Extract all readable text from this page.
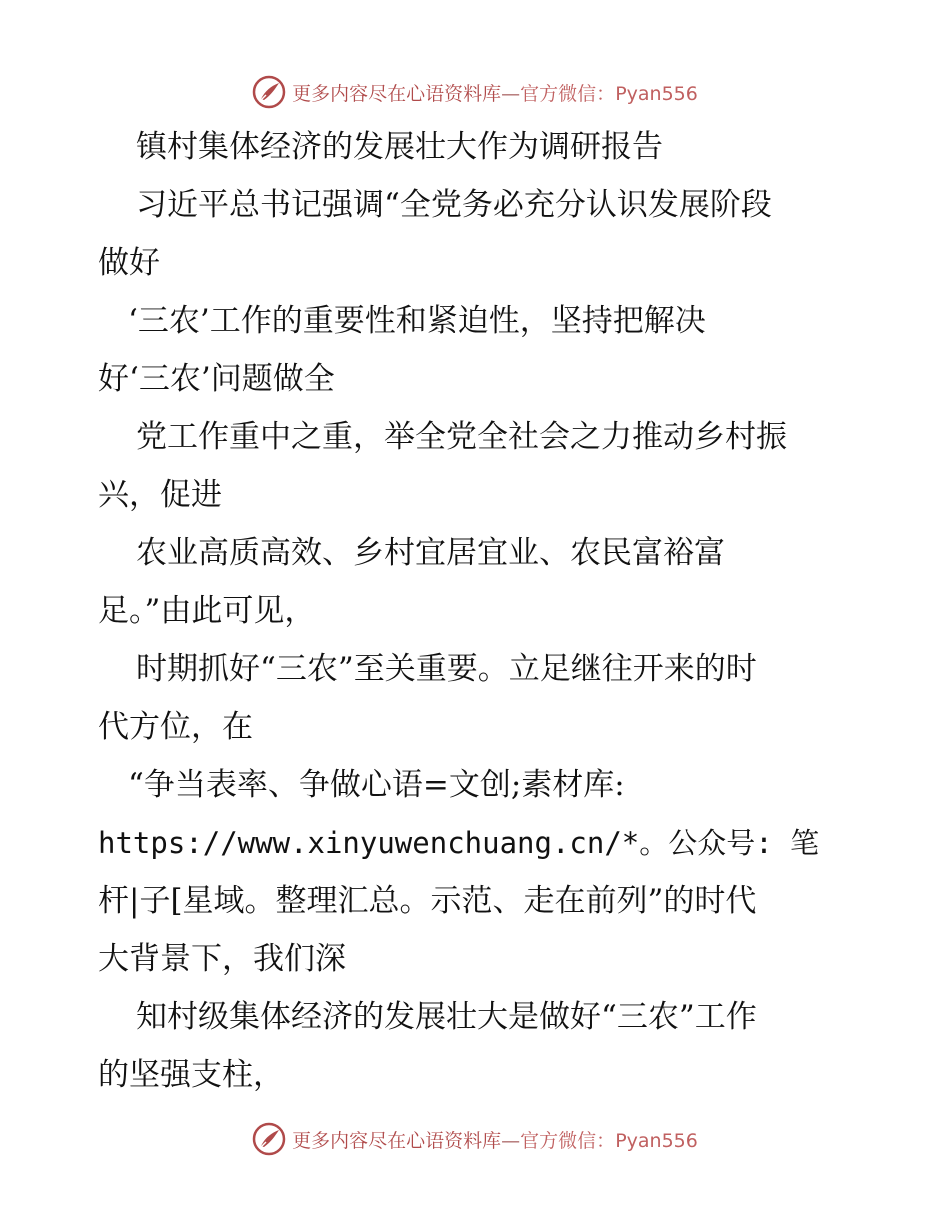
更多内容尽在心语资料库—官方微信：Pyan556
镇村集体经济的发展壮大作为调研报告
习近平总书记强调“全党务必充分认识发展阶段
做好
‘三农’工作的重要性和紧迫性，坚持把解决
好‘三农’问题做全
党工作重中之重，举全党全社会之力推动乡村振
兴，促进
农业高质高效、乡村宜居宜业、农民富裕富
足。”由此可见，
时期抓好“三农”至关重要。立足继往开来的时
代方位，在
“争当表率、争做心语=文创;素材库:
https://www.xinyuwenchuang.cn/*。公众号: 笔
杆|子[星域。整理汇总。示范、走在前列”的时代
大背景下，我们深
知村级集体经济的发展壮大是做好“三农”工作
的坚强支柱，
更多内容尽在心语资料库—官方微信：Pyan556
